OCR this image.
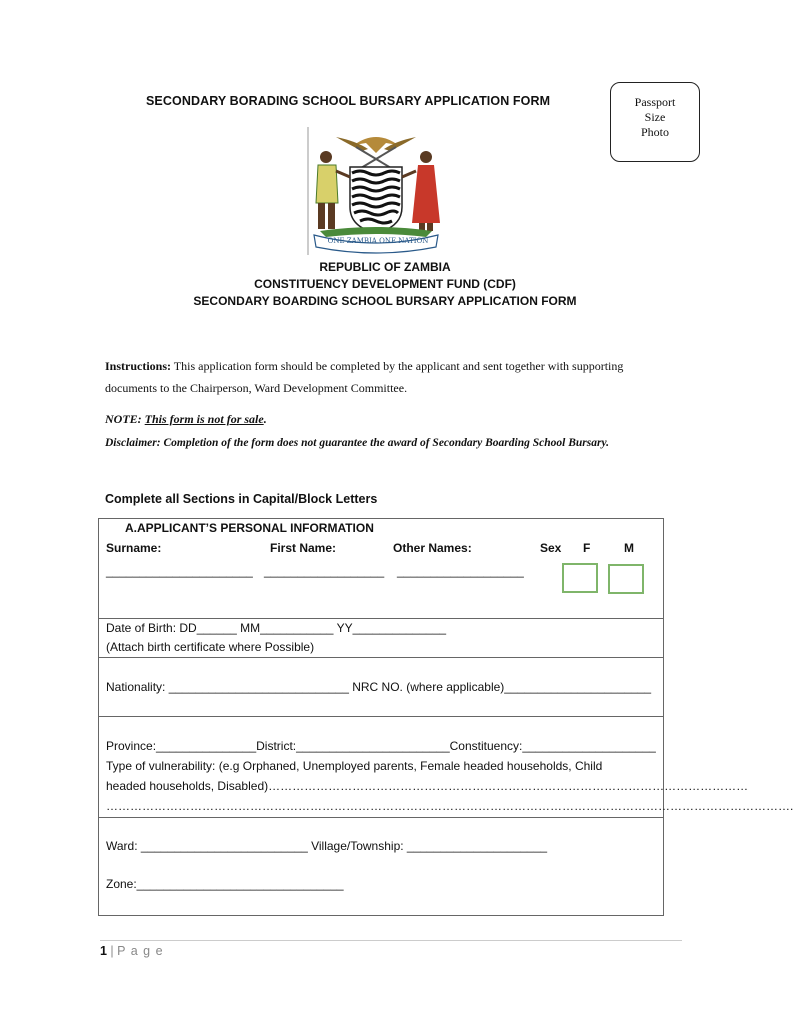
SECONDARY BORADING SCHOOL BURSARY APPLICATION FORM	Passport
Size
Photo
ONE ZAMBIA ONE NATION
REPUBLIC OF ZAMBIA
CONSTITUENCY DEVELOPMENT FUND (CDF)
SECONDARY BOARDING SCHOOL BURSARY APPLICATION FORM
Instructions: This application form should be completed by the applicant and sent together with supporting
documents to the Chairperson, Ward Development Committee.
NOTE: This form is not for sale.
Disclaimer: Completion of the form does not guarantee the award of Secondary Boarding School Bursary.
Complete all Sections in Capital/Block Letters
A.APPLICANT’S PERSONAL INFORMATION
Surname:	First Name:	Other Names:	Sex F	M
______________________ __________________ ___________________
Date of Birth: DD______ MM___________ YY______________
(Attach birth certificate where Possible)
Nationality: ___________________________ NRC NO. (where applicable)______________________
Province:_______________District:_______________________Constituency:____________________
Type of vulnerability: (e.g Orphaned, Unemployed parents, Female headed households, Child
headed households, Disabled)…………………………………………………………………………………………………………
……………………………………………………………………………………………………………………………………………………….
Ward: _________________________ Village/Township: _____________________
Zone:_______________________________
1 | P a g e
